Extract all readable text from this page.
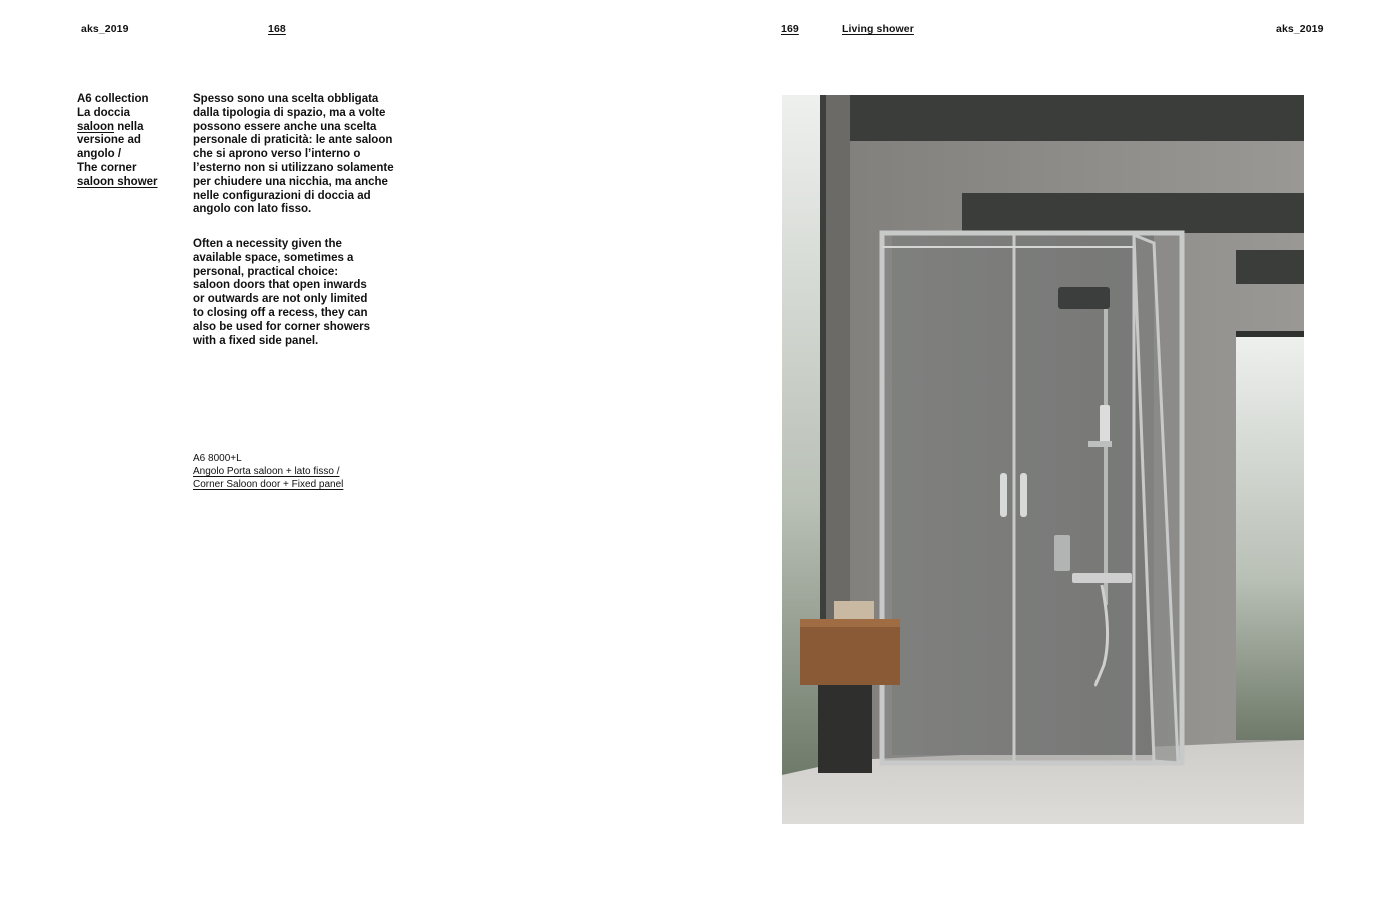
aks_2019	168	169	Living shower	aks_2019
A6 collection
La doccia
saloon nella
versione ad
angolo /
The corner
saloon shower
Spesso sono una scelta obbligata
dalla tipologia di spazio, ma a volte
possono essere anche una scelta
personale di praticità: le ante saloon
che si aprono verso l’interno o
l’esterno non si utilizzano solamente
per chiudere una nicchia, ma anche
nelle configurazioni di doccia ad
angolo con lato fisso.
Often a necessity given the
available space, sometimes a
personal, practical choice:
saloon doors that open inwards
or outwards are not only limited
to closing off a recess, they can
also be used for corner showers
with a fixed side panel.
A6 8000+L
Angolo Porta saloon + lato fisso /
Corner Saloon door + Fixed panel
